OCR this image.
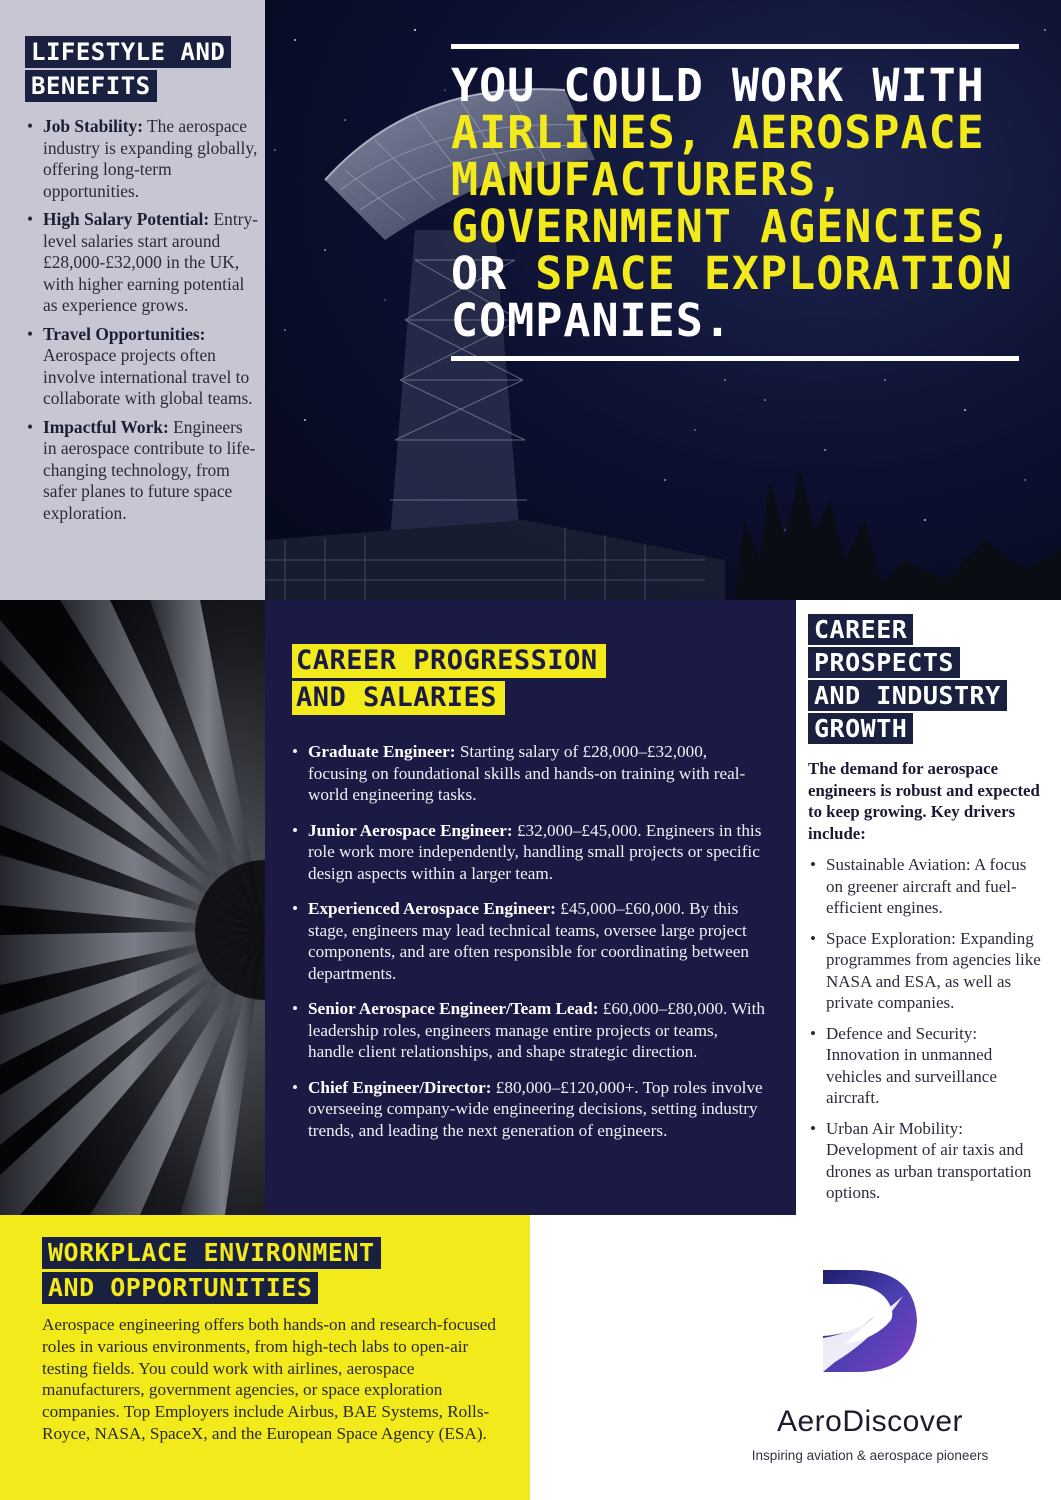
LIFESTYLE AND
BENEFITS
• Job Stability: The aerospace industry is expanding globally, offering long-term opportunities.
• High Salary Potential: Entry-level salaries start around £28,000-£32,000 in the UK, with higher earning potential as experience grows.
• Travel Opportunities: Aerospace projects often involve international travel to collaborate with global teams.
• Impactful Work: Engineers in aerospace contribute to life-changing technology, from safer planes to future space exploration.
YOU COULD WORK WITH
AIRLINES, AEROSPACE
MANUFACTURERS,
GOVERNMENT AGENCIES,
OR SPACE EXPLORATION
COMPANIES.
CAREER PROGRESSION
AND SALARIES
• Graduate Engineer: Starting salary of £28,000–£32,000, focusing on foundational skills and hands-on training with real-world engineering tasks.
• Junior Aerospace Engineer: £32,000–£45,000. Engineers in this role work more independently, handling small projects or specific design aspects within a larger team.
• Experienced Aerospace Engineer: £45,000–£60,000. By this stage, engineers may lead technical teams, oversee large project components, and are often responsible for coordinating between departments.
• Senior Aerospace Engineer/Team Lead: £60,000–£80,000. With leadership roles, engineers manage entire projects or teams, handle client relationships, and shape strategic direction.
• Chief Engineer/Director: £80,000–£120,000+. Top roles involve overseeing company-wide engineering decisions, setting industry trends, and leading the next generation of engineers.
CAREER
PROSPECTS
AND INDUSTRY
GROWTH

The demand for aerospace engineers is robust and expected to keep growing. Key drivers include:

• Sustainable Aviation: A focus on greener aircraft and fuel-efficient engines.
• Space Exploration: Expanding programmes from agencies like NASA and ESA, as well as private companies.
• Defence and Security: Innovation in unmanned vehicles and surveillance aircraft.
• Urban Air Mobility: Development of air taxis and drones as urban transportation options.
WORKPLACE ENVIRONMENT
AND OPPORTUNITIES

Aerospace engineering offers both hands-on and research-focused roles in various environments, from high-tech labs to open-air testing fields. You could work with airlines, aerospace manufacturers, government agencies, or space exploration companies. Top Employers include Airbus, BAE Systems, Rolls-Royce, NASA, SpaceX, and the European Space Agency (ESA).	AeroDiscover
Inspiring aviation & aerospace pioneers
